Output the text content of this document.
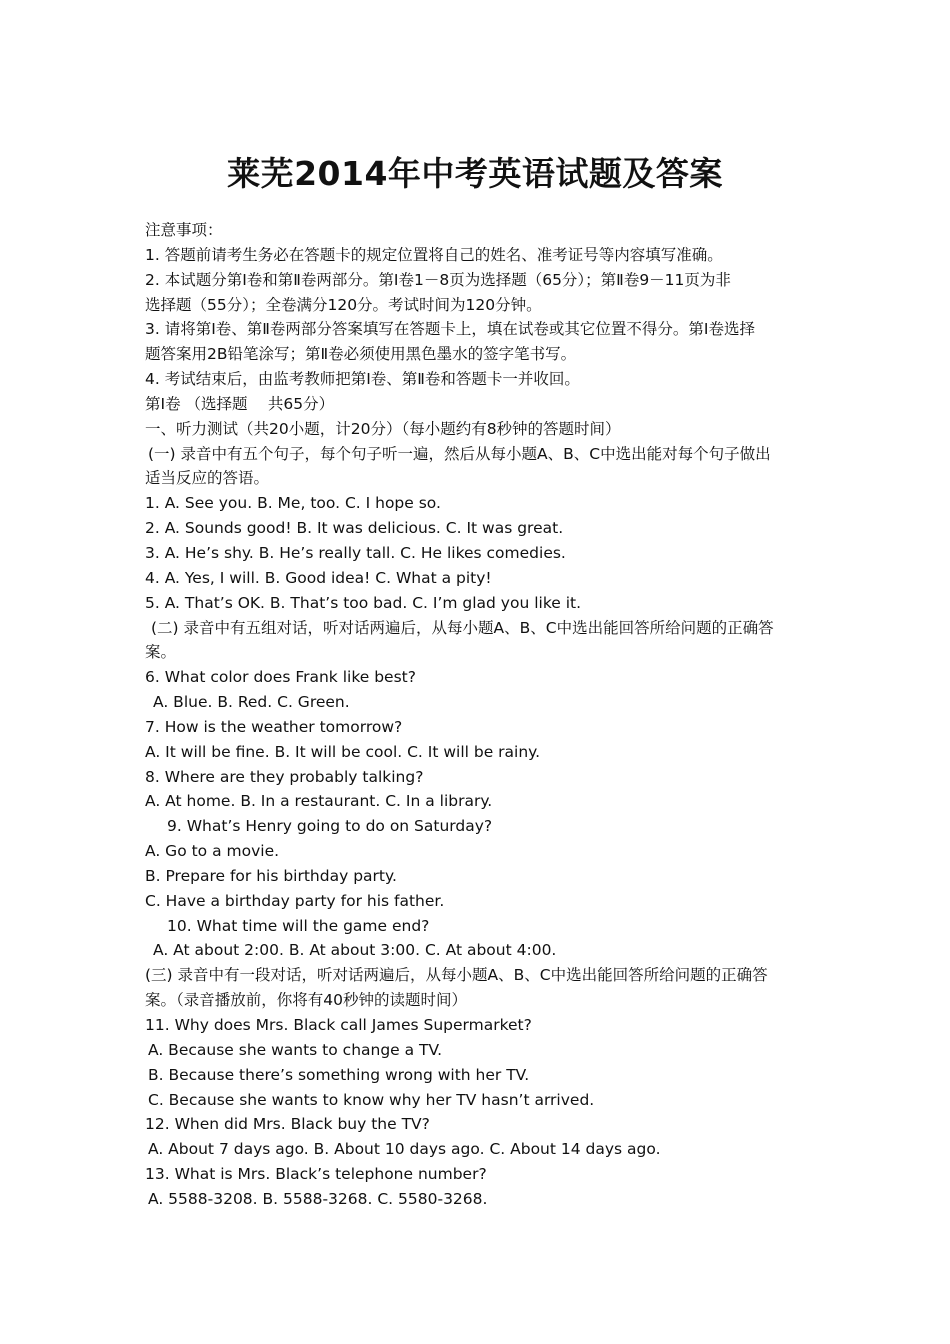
莱芜2014年中考英语试题及答案
注意事项：
1. 答题前请考生务必在答题卡的规定位置将自己的姓名、准考证号等内容填写准确。
2. 本试题分第Ⅰ卷和第Ⅱ卷两部分。第Ⅰ卷1－8页为选择题（65分）；第Ⅱ卷9－11页为非
选择题（55分）；全卷满分120分。考试时间为120分钟。
3. 请将第Ⅰ卷、第Ⅱ卷两部分答案填写在答题卡上，填在试卷或其它位置不得分。第Ⅰ卷选择
题答案用2B铅笔涂写；第Ⅱ卷必须使用黑色墨水的签字笔书写。
4. 考试结束后，由监考教师把第Ⅰ卷、第Ⅱ卷和答题卡一并收回。
第Ⅰ卷 （选择题　 共65分）
一、听力测试（共20小题，计20分）（每小题约有8秒钟的答题时间）
(一) 录音中有五个句子，每个句子听一遍，然后从每小题A、B、C中选出能对每个句子做出
适当反应的答语。
1. A. See you. B. Me, too. C. I hope so.
2. A. Sounds good! B. It was delicious. C. It was great.
3. A. He’s shy. B. He’s really tall. C. He likes comedies.
4. A. Yes, I will. B. Good idea! C. What a pity!
5. A. That’s OK. B. That’s too bad. C. I’m glad you like it.
(二) 录音中有五组对话，听对话两遍后，从每小题A、B、C中选出能回答所给问题的正确答
案。
6. What color does Frank like best?
A. Blue. B. Red. C. Green.
7. How is the weather tomorrow?
A. It will be fine. B. It will be cool. C. It will be rainy.
8. Where are they probably talking?
A. At home. B. In a restaurant. C. In a library.
9. What’s Henry going to do on Saturday?
A. Go to a movie.
B. Prepare for his birthday party.
C. Have a birthday party for his father.
10. What time will the game end?
A. At about 2:00. B. At about 3:00. C. At about 4:00.
(三) 录音中有一段对话，听对话两遍后，从每小题A、B、C中选出能回答所给问题的正确答
案。（录音播放前，你将有40秒钟的读题时间）
11. Why does Mrs. Black call James Supermarket?
A. Because she wants to change a TV.
B. Because there’s something wrong with her TV.
C. Because she wants to know why her TV hasn’t arrived.
12. When did Mrs. Black buy the TV?
A. About 7 days ago. B. About 10 days ago. C. About 14 days ago.
13. What is Mrs. Black’s telephone number?
A. 5588-3208. B. 5588-3268. C. 5580-3268.
